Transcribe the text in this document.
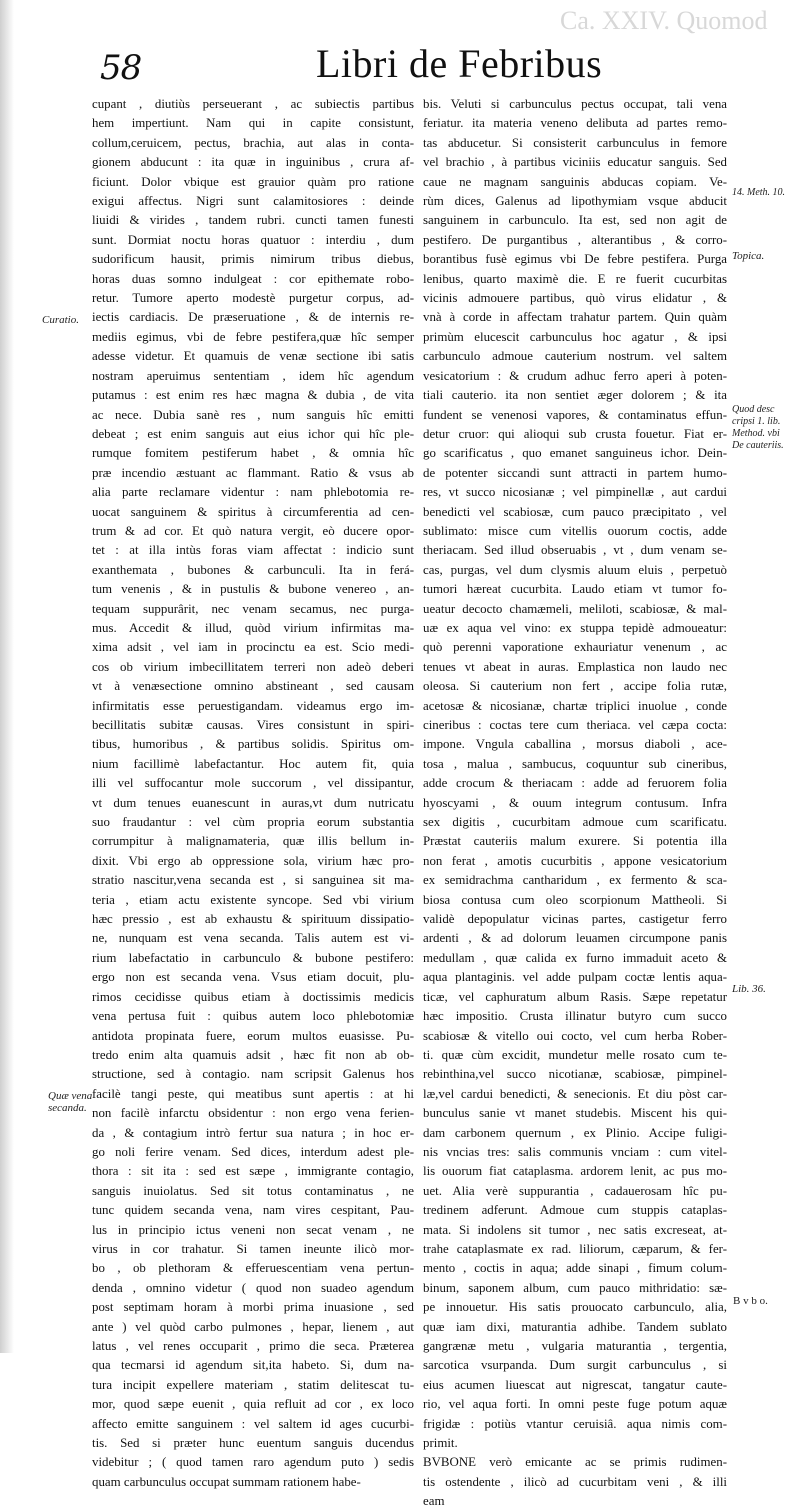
Ca. XXIV. Quomod
58	Libri de Febribus
cupant , diutiùs perseuerant , ac subiectis partibus
hem impertiunt. Nam qui in capite consistunt,
collum,ceruicem, pectus, brachia, aut alas in conta-
gionem abducunt : ita quæ in inguinibus , crura af-
ficiunt. Dolor vbique est grauior quàm pro ratione
exigui affectus. Nigri sunt calamitosiores : deinde
liuidi & virides , tandem rubri. cuncti tamen funesti
sunt. Dormiat noctu horas quatuor : interdiu , dum
sudorificum hausit, primis nimirum tribus diebus,
horas duas somno indulgeat : cor epithemate robo-
retur. Tumore aperto modestè purgetur corpus, ad-
iectis cardiacis. De præseruatione , & de internis re-
mediis egimus, vbi de febre pestifera,quæ hîc semper
adesse videtur. Et quamuis de venæ sectione ibi satis
nostram aperuimus sententiam , idem hîc agendum
putamus : est enim res hæc magna & dubia , de vita
ac nece. Dubia sanè res , num sanguis hîc emitti
debeat ; est enim sanguis aut eius ichor qui hîc ple-
rumque fomitem pestiferum habet , & omnia hîc
præ incendio æstuant ac flammant. Ratio & vsus ab
alia parte reclamare videntur : nam phlebotomia re-
uocat sanguinem & spiritus à circumferentia ad cen-
trum & ad cor. Et quò natura vergit, eò ducere opor-
tet : at illa intùs foras viam affectat : indicio sunt
exanthemata , bubones & carbunculi. Ita in ferá-
tum venenis , & in pustulis & bubone venereo , an-
tequam suppurârit, nec venam secamus, nec purga-
mus. Accedit & illud, quòd virium infirmitas ma-
xima adsit , vel iam in procinctu ea est. Scio medi-
cos ob virium imbecillitatem terreri non adeò deberi
vt à venæsectione omnino abstineant , sed causam
infirmitatis esse peruestigandam. videamus ergo im-
becillitatis subitæ causas. Vires consistunt in spiri-
tibus, humoribus , & partibus solidis. Spiritus om-
nium facillimè labefactantur. Hoc autem fit, quia
illi vel suffocantur mole succorum , vel dissipantur,
vt dum tenues euanescunt in auras,vt dum nutricatu
suo fraudantur : vel cùm propria eorum substantia
corrumpitur à malignamateria, quæ illis bellum in-
dixit. Vbi ergo ab oppressione sola, virium hæc pro-
stratio nascitur,vena secanda est , si sanguinea sit ma-
teria , etiam actu existente syncope. Sed vbi virium
hæc pressio , est ab exhaustu & spirituum dissipatio-
ne, nunquam est vena secanda. Talis autem est vi-
rium labefactatio in carbunculo & bubone pestifero:
ergo non est secanda vena. Vsus etiam docuit, plu-
rimos cecidisse quibus etiam à doctissimis medicis
vena pertusa fuit : quibus autem loco phlebotomiæ
antidota propinata fuere, eorum multos euasisse. Pu-
tredo enim alta quamuis adsit , hæc fit non ab ob-
structione, sed à contagio. nam scripsit Galenus hos
facilè tangi peste, qui meatibus sunt apertis : at hi
non facilè infarctu obsidentur : non ergo vena ferien-
da , & contagium intrò fertur sua natura ; in hoc er-
go noli ferire venam. Sed dices, interdum adest ple-
thora : sit ita : sed est sæpe , immigrante contagio,
sanguis inuiolatus. Sed sit totus contaminatus , ne
tunc quidem secanda vena, nam vires cespitant, Pau-
lus in principio ictus veneni non secat venam , ne
virus in cor trahatur. Si tamen ineunte ilicò mor-
bo , ob plethoram & efferuescentiam vena pertun-
denda , omnino videtur ( quod non suadeo agendum
post septimam horam à morbi prima inuasione , sed
ante ) vel quòd carbo pulmones , hepar, lienem , aut
latus , vel renes occuparit , primo die seca. Præterea
qua tecmarsi id agendum sit,ita habeto. Si, dum na-
tura incipit expellere materiam , statim delitescat tu-
mor, quod sæpe euenit , quia refluit ad cor , ex loco
affecto emitte sanguinem : vel saltem id ages cucurbi-
tis. Sed si præter hunc euentum sanguis ducendus
videbitur ; ( quod tamen raro agendum puto ) sedis
quam carbunculus occupat summam rationem habe-
bis. Veluti si carbunculus pectus occupat, tali vena
feriatur. ita materia veneno delibuta ad partes remo-
tas abducetur. Si consisterit carbunculus in femore
vel brachio , à partibus viciniis educatur sanguis. Sed
caue ne magnam sanguinis abducas copiam. Ve-
rùm dices, Galenus ad lipothymiam vsque abducit
sanguinem in carbunculo. Ita est, sed non agit de
pestifero. De purgantibus , alterantibus , & corro-
borantibus fusè egimus vbi De febre pestifera. Purga
lenibus, quarto maximè die. E re fuerit cucurbitas
vicinis admouere partibus, quò virus elidatur , &
vnà à corde in affectam trahatur partem. Quin quàm
primùm elucescit carbunculus hoc agatur , & ipsi
carbunculo admoue cauterium nostrum. vel saltem
vesicatorium : & crudum adhuc ferro aperi à poten-
tiali cauterio. ita non sentiet æger dolorem ; & ita
fundent se venenosi vapores, & contaminatus effun-
detur cruor: qui alioqui sub crusta fouetur. Fiat er-
go scarificatus , quo emanet sanguineus ichor. Dein-
de potenter siccandi sunt attracti in partem humo-
res, vt succo nicosianæ ; vel pimpinellæ , aut cardui
benedicti vel scabiosæ, cum pauco præcipitato , vel
sublimato: misce cum vitellis ouorum coctis, adde
theriacam. Sed illud obseruabis , vt , dum venam se-
cas, purgas, vel dum clysmis aluum eluis , perpetuò
tumori hæreat cucurbita. Laudo etiam vt tumor fo-
ueatur decocto chamæmeli, meliloti, scabiosæ, & mal-
uæ ex aqua vel vino: ex stuppa tepidè admoueatur:
quò perenni vaporatione exhauriatur venenum , ac
tenues vt abeat in auras. Emplastica non laudo nec
oleosa. Si cauterium non fert , accipe folia rutæ,
acetosæ & nicosianæ, chartæ triplici inuolue , conde
cineribus : coctas tere cum theriaca. vel cæpa cocta:
impone. Vngula caballina , morsus diaboli , ace-
tosa , malua , sambucus, coquuntur sub cineribus,
adde crocum & theriacam : adde ad feruorem folia
hyoscyami , & ouum integrum contusum. Infra
sex digitis , cucurbitam admoue cum scarificatu.
Præstat cauteriis malum exurere. Si potentia illa
non ferat , amotis cucurbitis , appone vesicatorium
ex semidrachma cantharidum , ex fermento & sca-
biosa contusa cum oleo scorpionum Mattheoli. Si
validè depopulatur vicinas partes, castigetur ferro
ardenti , & ad dolorum leuamen circumpone panis
medullam , quæ calida ex furno immaduit aceto &
aqua plantaginis. vel adde pulpam coctæ lentis aqua-
ticæ, vel caphuratum album Rasis. Sæpe repetatur
hæc impositio. Crusta illinatur butyro cum succo
scabiosæ & vitello oui cocto, vel cum herba Rober-
ti. quæ cùm excidit, mundetur melle rosato cum te-
rebinthina,vel succo nicotianæ, scabiosæ, pimpinel-
læ,vel cardui benedicti, & senecionis. Et diu pòst car-
bunculus sanie vt manet studebis. Miscent his qui-
dam carbonem quernum , ex Plinio. Accipe fuligi-
nis vncias tres: salis communis vnciam : cum vitel-
lis ouorum fiat cataplasma. ardorem lenit, ac pus mo-
uet. Alia verè suppurantia , cadauerosam hîc pu-
tredinem adferunt. Admoue cum stuppis cataplas-
mata. Si indolens sit tumor , nec satis excreseat, at-
trahe cataplasmate ex rad. liliorum, cæparum, & fer-
mento , coctis in aqua; adde sinapi , fimum colum-
binum, saponem album, cum pauco mithridatio: sæ-
pe innouetur. His satis prouocato carbunculo, alia,
quæ iam dixi, maturantia adhibe. Tandem sublato
gangrænæ metu , vulgaria maturantia , tergentia,
sarcotica vsurpanda. Dum surgit carbunculus , si
eius acumen liuescat aut nigrescat, tangatur caute-
rio, vel aqua forti. In omni peste fuge potum aquæ
frigidæ : potiùs vtantur ceruisiâ. aqua nimis com-
primit.
BVBONE verò emicante ac se primis rudimen-
tis ostendente , ilicò ad cucurbitam veni , & illi
eam
Curatio.
Quæ vena
secanda.
14. Meth. 10.
Topica.
Quod desc
cripsi 1. lib.
Method. vbi
De cauteriis.
Lib. 36.
B v b o.
